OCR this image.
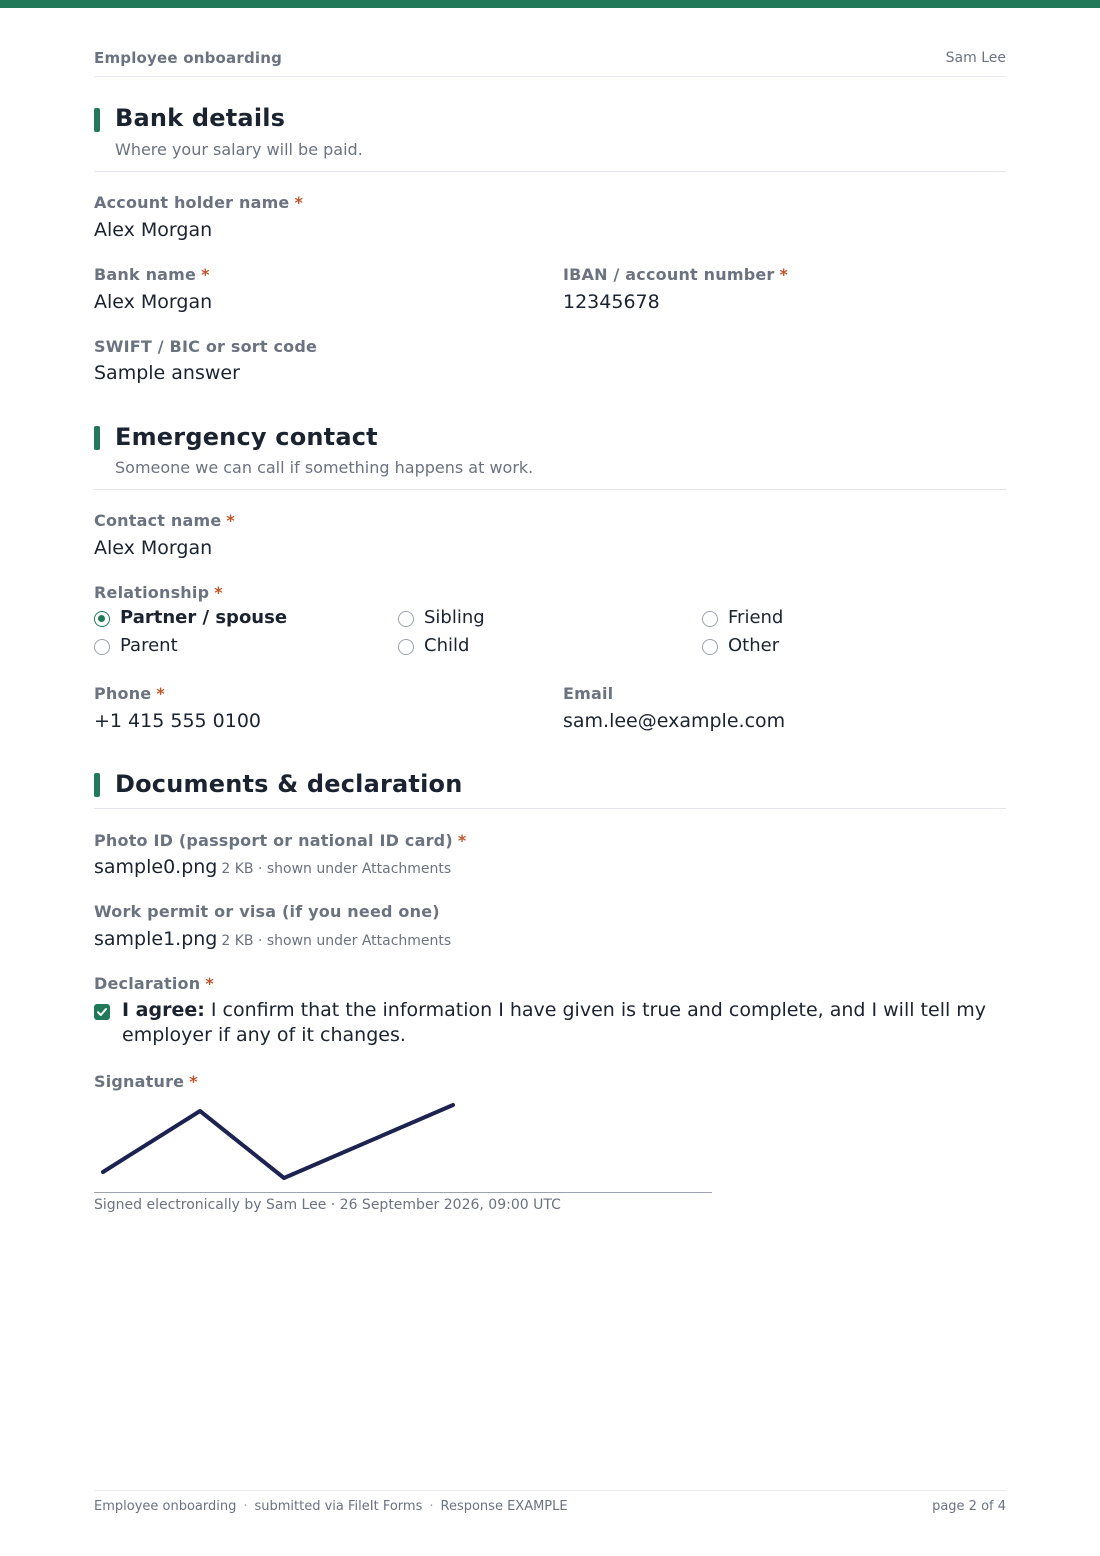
Employee onboarding	Sam Lee
Bank details
Where your salary will be paid.
Account holder name *
Alex Morgan
Bank name *
Alex Morgan
IBAN / account number *
12345678
SWIFT / BIC or sort code
Sample answer
Emergency contact
Someone we can call if something happens at work.
Contact name *
Alex Morgan
Relationship *
Partner / spouse	Sibling	Friend
Parent	Child	Other
Phone *
+1 415 555 0100
Email
sam.lee@example.com
Documents & declaration
Photo ID (passport or national ID card) *
sample0.png 2 KB · shown under Attachments
Work permit or visa (if you need one)
sample1.png 2 KB · shown under Attachments
Declaration *
I agree: I confirm that the information I have given is true and complete, and I will tell my employer if any of it changes.
Signature *
Signed electronically by Sam Lee · 26 September 2026, 09:00 UTC
Employee onboarding · submitted via FileIt Forms · Response EXAMPLE	page 2 of 4
